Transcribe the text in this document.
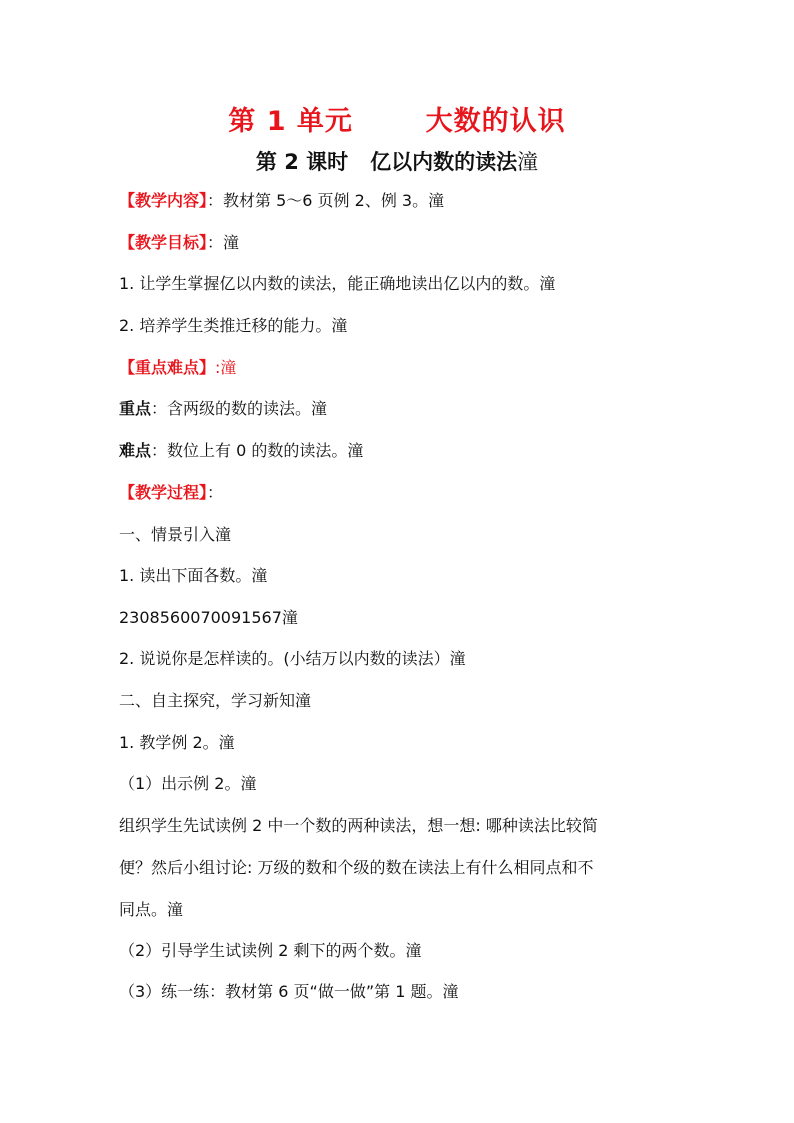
第 1 单元       大数的认识
第 2 课时   亿以内数的读法潼
【教学内容】：教材第 5～6 页例 2、例 3。潼
【教学目标】：潼
1. 让学生掌握亿以内数的读法，能正确地读出亿以内的数。潼
2. 培养学生类推迁移的能力。潼
【重点难点】:潼
重点：含两级的数的读法。潼
难点：数位上有 0 的数的读法。潼
【教学过程】：
一、情景引入潼
1. 读出下面各数。潼
2308560070091567潼
2. 说说你是怎样读的。(小结万以内数的读法）潼
二、自主探究，学习新知潼
1. 教学例 2。潼
（1）出示例 2。潼
组织学生先试读例 2 中一个数的两种读法，想一想: 哪种读法比较简
便？然后小组讨论: 万级的数和个级的数在读法上有什么相同点和不
同点。潼
（2）引导学生试读例 2 剩下的两个数。潼
（3）练一练：教材第 6 页“做一做”第 1 题。潼
